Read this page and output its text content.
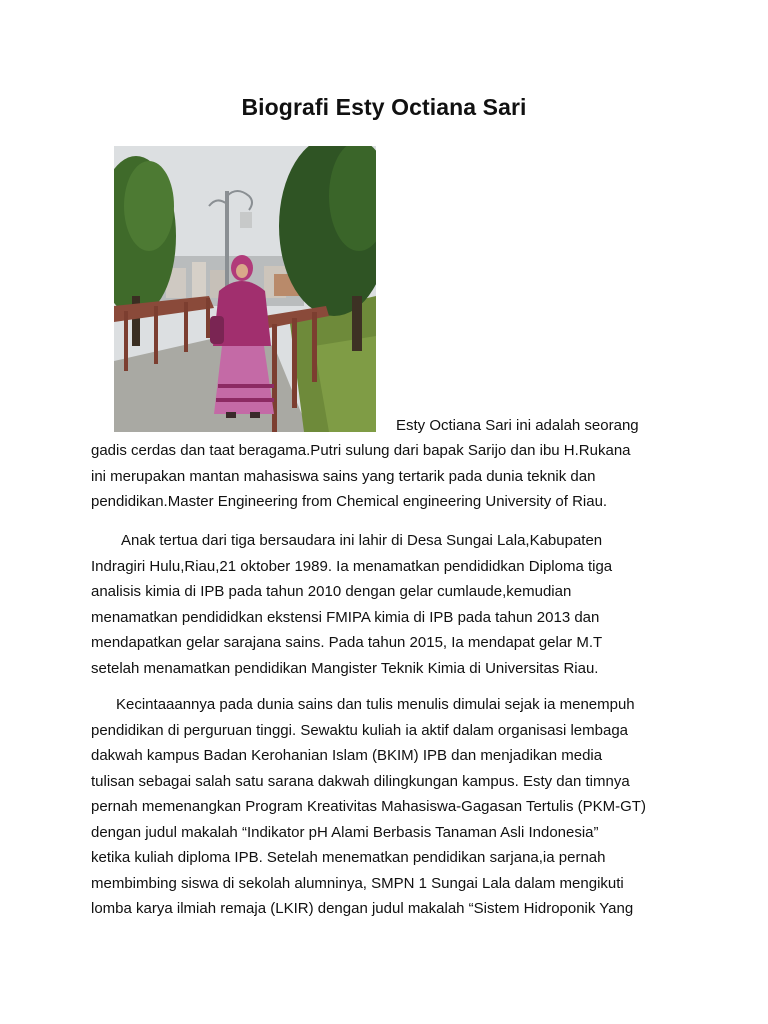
Biografi Esty Octiana Sari
Esty Octiana Sari ini adalah seorang
gadis cerdas dan taat beragama.Putri sulung dari bapak Sarijo dan ibu H.Rukana
ini merupakan mantan mahasiswa sains yang tertarik pada dunia teknik dan
pendidikan.Master Engineering from Chemical engineering University of Riau.
Anak tertua dari tiga bersaudara ini lahir di Desa Sungai Lala,Kabupaten
Indragiri Hulu,Riau,21 oktober 1989. Ia menamatkan pendididkan Diploma tiga
analisis kimia di IPB pada tahun 2010 dengan gelar cumlaude,kemudian
menamatkan pendididkan ekstensi FMIPA kimia di IPB pada tahun 2013 dan
mendapatkan gelar sarajana sains. Pada tahun 2015, Ia mendapat gelar M.T
setelah menamatkan pendidikan Mangister Teknik Kimia di Universitas Riau.
Kecintaaannya pada dunia sains dan tulis menulis dimulai sejak ia menempuh
pendidikan di perguruan tinggi. Sewaktu kuliah ia aktif dalam organisasi lembaga
dakwah kampus Badan Kerohanian Islam (BKIM) IPB dan menjadikan media
tulisan sebagai salah satu sarana dakwah dilingkungan kampus. Esty dan timnya
pernah memenangkan Program Kreativitas Mahasiswa-Gagasan Tertulis (PKM-GT)
dengan judul makalah “Indikator pH Alami Berbasis Tanaman Asli Indonesia”
ketika kuliah diploma IPB. Setelah menematkan pendidikan sarjana,ia pernah
membimbing siswa di sekolah alumninya, SMPN 1 Sungai Lala dalam mengikuti
lomba karya ilmiah remaja (LKIR) dengan judul makalah “Sistem Hidroponik Yang
